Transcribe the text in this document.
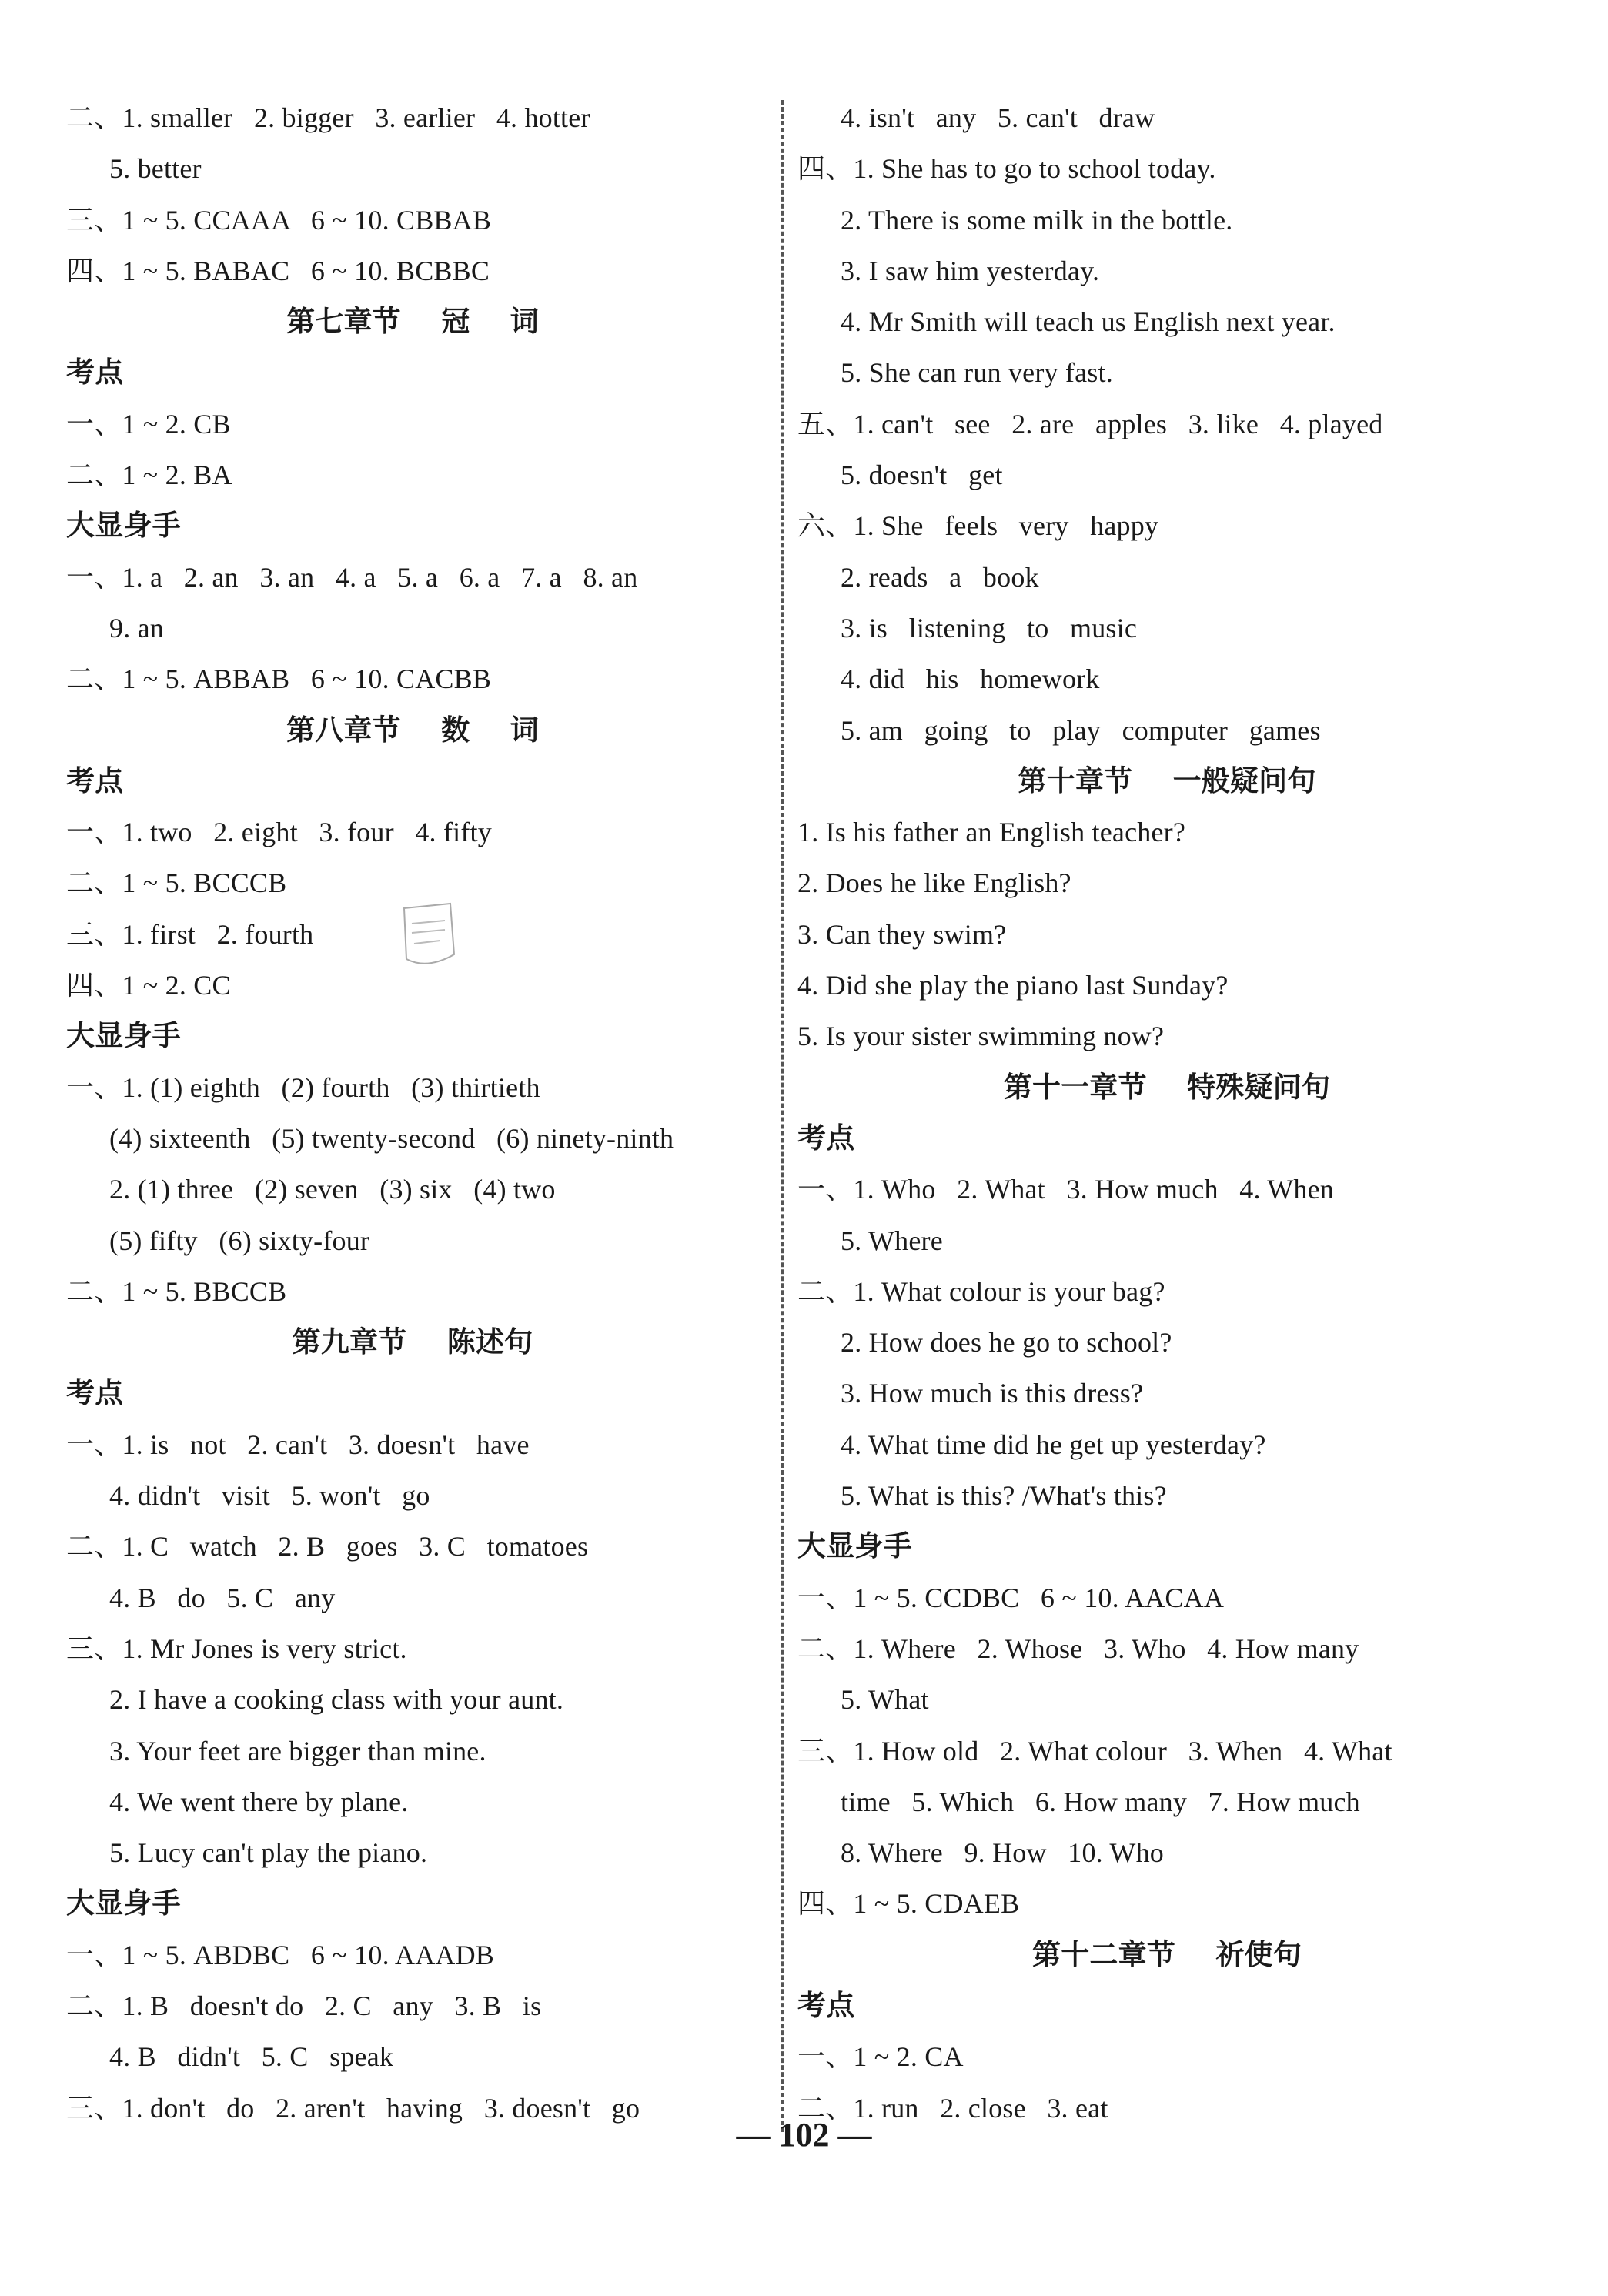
二、1. smaller   2. bigger   3. earlier   4. hotter
5. better
三、1 ~ 5. CCAAA   6 ~ 10. CBBAB
四、1 ~ 5. BABAC   6 ~ 10. BCBBC
第七章节    冠    词
考点
一、1 ~ 2. CB
二、1 ~ 2. BA
大显身手
一、1. a   2. an   3. an   4. a   5. a   6. a   7. a   8. an
9. an
二、1 ~ 5. ABBAB   6 ~ 10. CACBB
第八章节    数    词
考点
一、1. two   2. eight   3. four   4. fifty
二、1 ~ 5. BCCCB
三、1. first   2. fourth
四、1 ~ 2. CC
大显身手
一、1. (1) eighth   (2) fourth   (3) thirtieth
(4) sixteenth   (5) twenty-second   (6) ninety-ninth
2. (1) three   (2) seven   (3) six   (4) two
(5) fifty   (6) sixty-four
二、1 ~ 5. BBCCB
第九章节    陈述句
考点
一、1. is   not   2. can't   3. doesn't   have
4. didn't   visit   5. won't   go
二、1. C   watch   2. B   goes   3. C   tomatoes
4. B   do   5. C   any
三、1. Mr Jones is very strict.
2. I have a cooking class with your aunt.
3. Your feet are bigger than mine.
4. We went there by plane.
5. Lucy can't play the piano.
大显身手
一、1 ~ 5. ABDBC   6 ~ 10. AAADB
二、1. B   doesn't do   2. C   any   3. B   is
4. B   didn't   5. C   speak
三、1. don't   do   2. aren't   having   3. doesn't   go
4. isn't   any   5. can't   draw
四、1. She has to go to school today.
2. There is some milk in the bottle.
3. I saw him yesterday.
4. Mr Smith will teach us English next year.
5. She can run very fast.
五、1. can't   see   2. are   apples   3. like   4. played
5. doesn't   get
六、1. She   feels   very   happy
2. reads   a   book
3. is   listening   to   music
4. did   his   homework
5. am   going   to   play   computer   games
第十章节    一般疑问句
1. Is his father an English teacher?
2. Does he like English?
3. Can they swim?
4. Did she play the piano last Sunday?
5. Is your sister swimming now?
第十一章节    特殊疑问句
考点
一、1. Who   2. What   3. How much   4. When
5. Where
二、1. What colour is your bag?
2. How does he go to school?
3. How much is this dress?
4. What time did he get up yesterday?
5. What is this? /What's this?
大显身手
一、1 ~ 5. CCDBC   6 ~ 10. AACAA
二、1. Where   2. Whose   3. Who   4. How many
5. What
三、1. How old   2. What colour   3. When   4. What
time   5. Which   6. How many   7. How much
8. Where   9. How   10. Who
四、1 ~ 5. CDAEB
第十二章节    祈使句
考点
一、1 ~ 2. CA
二、1. run   2. close   3. eat
— 102 —
